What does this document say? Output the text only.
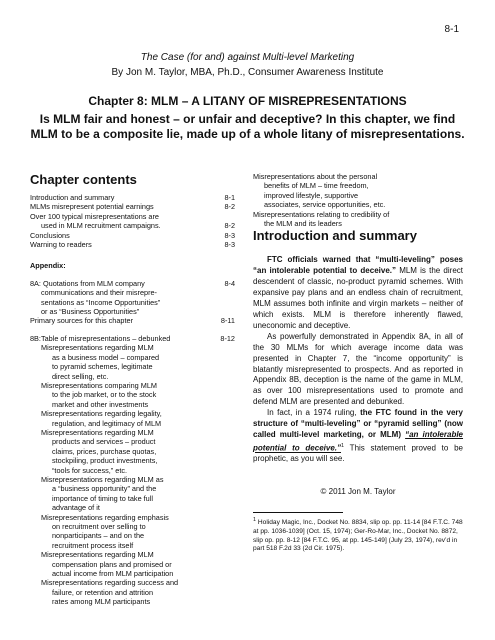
8-1
The Case (for and) against Multi-level Marketing
By Jon M. Taylor, MBA, Ph.D., Consumer Awareness Institute
Chapter 8: MLM – A LITANY OF MISREPRESENTATIONS
Is MLM fair and honest – or unfair and deceptive? In this chapter, we find MLM to be a composite lie, made up of a whole litany of misrepresentations.
Chapter contents
Introduction and summary	8-1
MLMs misrepresent potential earnings	8-2
Over 100 typical misrepresentations are
used in MLM recruitment campaigns.	8-2
Conclusions	8-3
Warning to readers	8-3
Appendix:
8A: Quotations from MLM company	8-4
communications and their misrepre-
sentations as “Income Opportunities”
or as “Business Opportunities”
Primary sources for this chapter	8-11
8B:Table of misrepresentations – debunked	8-12
Misrepresentations regarding MLM
as a business model – compared
to pyramid schemes, legitimate
direct selling, etc.
Misrepresentations comparing MLM
to the job market, or to the stock
market and other investments
Misrepresentations regarding legality,
regulation, and legitimacy of MLM
Misrepresentations regarding MLM
products and services – product
claims, prices, purchase quotas,
stockpiling, product investments,
“tools for success,” etc.
Misrepresentations regarding MLM as
a “business opportunity” and the
importance of timing to take full
advantage of it
Misrepresentations regarding emphasis
on recruitment over selling to
nonparticipants – and on the
recruitment process itself
Misrepresentations regarding MLM
compensation plans and promised or
actual income from MLM participation
Misrepresentations regarding success and
failure, or retention and attrition
rates among MLM participants
Misrepresentations about the personal
benefits of MLM – time freedom,
improved lifestyle, supportive
associates, service opportunities, etc.
Misrepresentations relating to credibility of
the MLM and its leaders
Introduction and summary

FTC officials warned that “multi-leveling” poses “an intolerable potential to deceive.” MLM is the direct descendent of classic, no-product pyramid schemes. With expansive pay plans and an endless chain of recruitment, MLM assumes both infinite and virgin markets – neither of which exists. MLM is therefore inherently flawed, uneconomic and deceptive.

As powerfully demonstrated in Appendix 8A, in all of the 30 MLMs for which average income data was presented in Chapter 7, the “income opportunity” is blatantly misrepresented to prospects. And as reported in Appendix 8B, deception is the name of the game in MLM, as over 100 misrepresentations used to promote and defend MLM are presented and debunked.

In fact, in a 1974 ruling, the FTC found in the very structure of “multi-leveling” or “pyramid selling” (now called multi-level marketing, or MLM) “an intolerable potential to deceive.”$^1$ This statement proved to be prophetic, as you will see.

© 2011 Jon M. Taylor
$^1$ Holiday Magic, Inc., Docket No. 8834, slip op. pp. 11-14 [84 F.T.C. 748 at pp. 1036-1039] (Oct. 15, 1974); Ger-Ro-Mar, Inc., Docket No. 8872, slip op. pp. 8-12 [84 F.T.C. 95, at pp. 145-149] (July 23, 1974), rev’d in part 518 F.2d 33 (2d Cir. 1975).
